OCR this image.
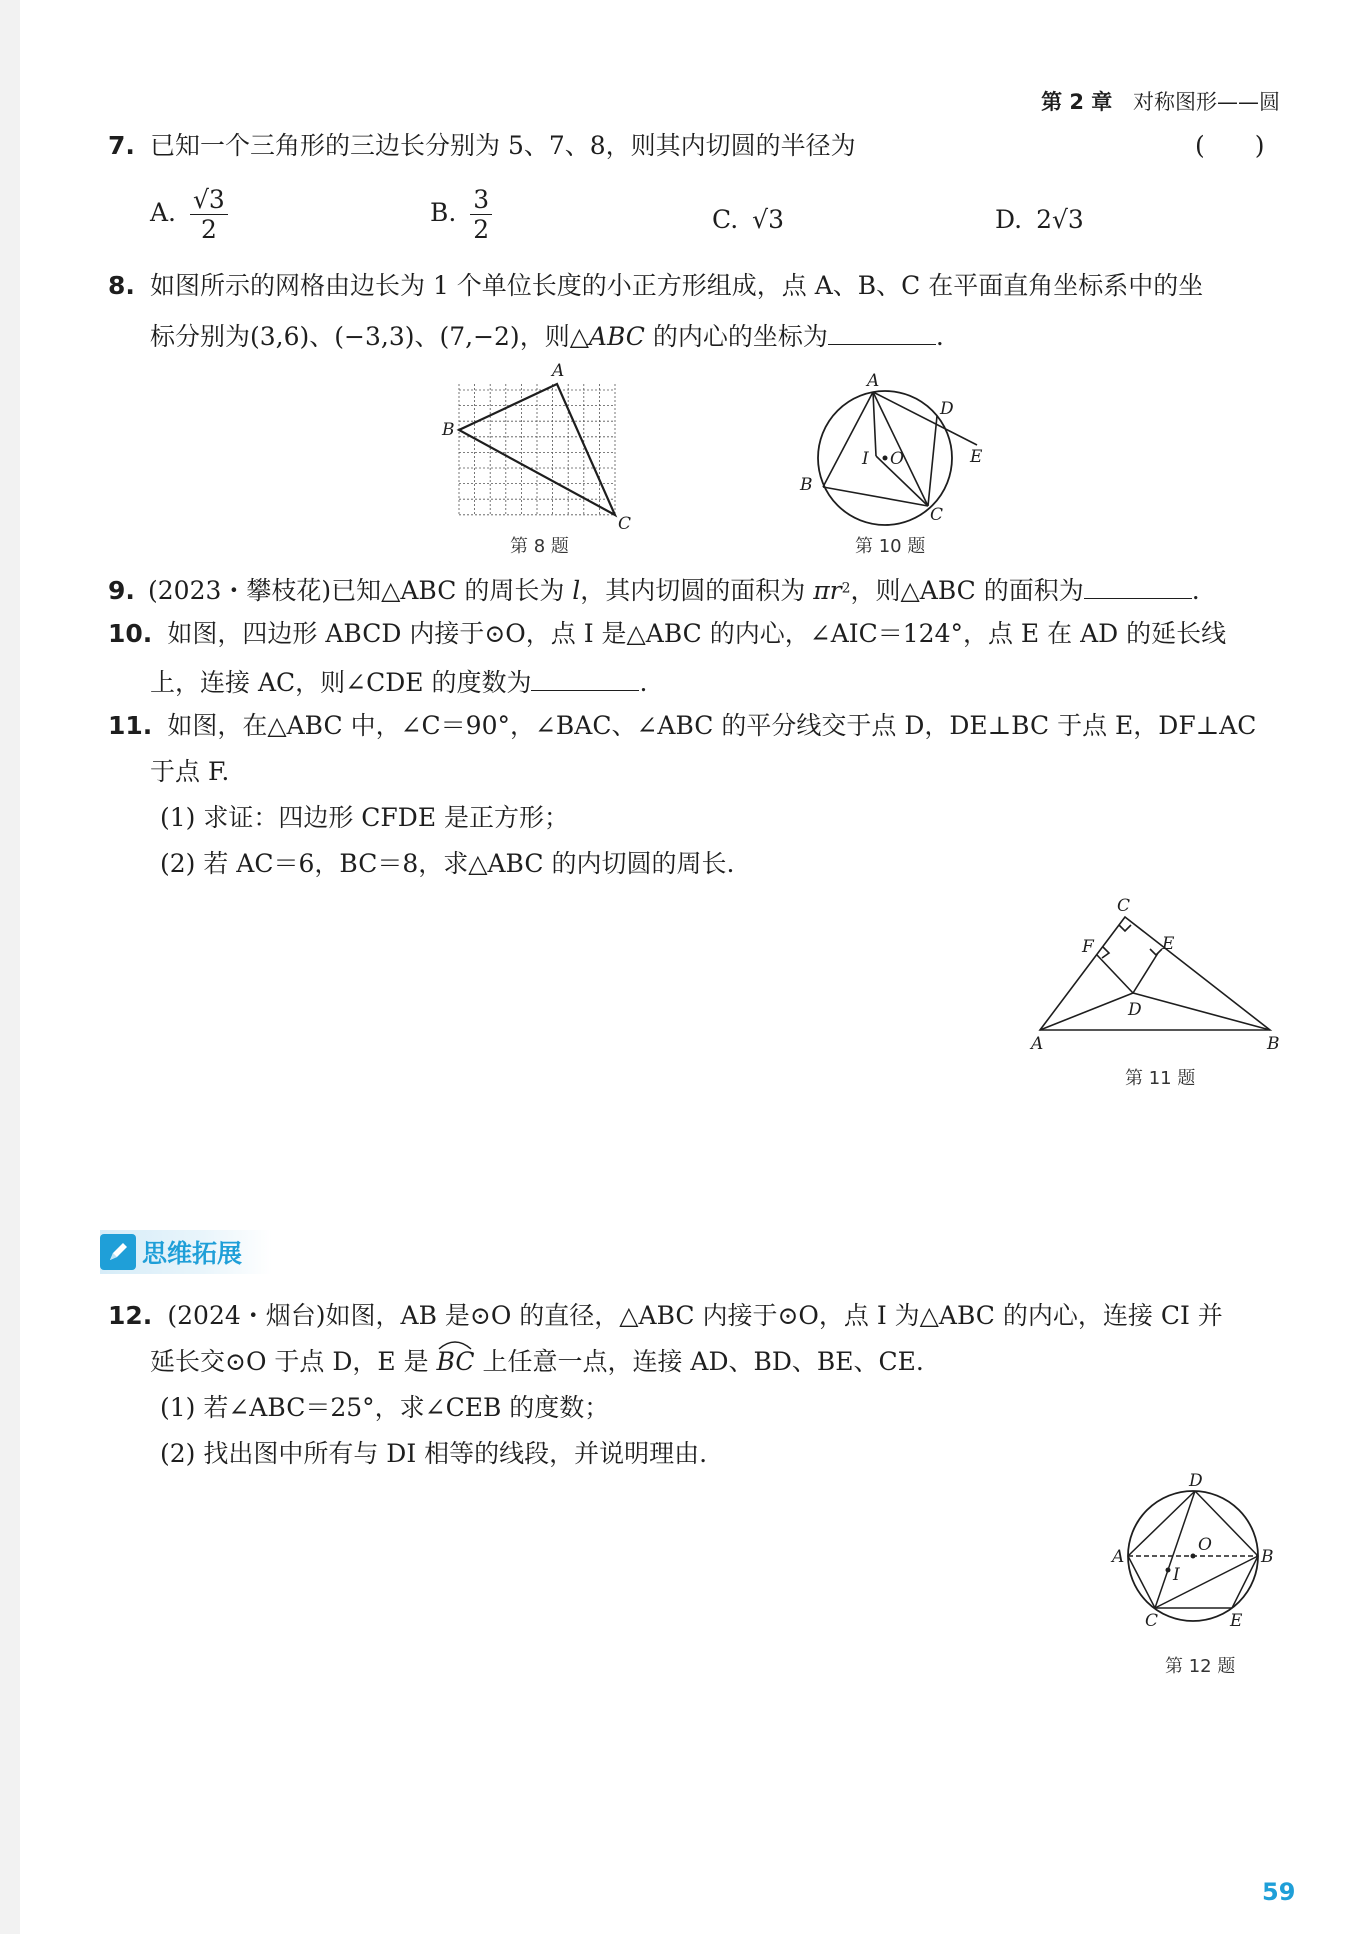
第 2 章 对称图形——圆
7. 已知一个三角形的三边长分别为 5、7、8，则其内切圆的半径为	(　　)
A. $\frac{√3}{2}$	B. $\frac{3}{2}$	C. √3	D. 2√3
8. 如图所示的网格由边长为 1 个单位长度的小正方形组成，点 A、B、C 在平面直角坐标系中的坐
标分别为(3,6)、(−3,3)、(7,−2)，则△ABC 的内心的坐标为	.
A
B
C
第 8 题
A
B
C
D
E
I O
第 10 题
9. (2023・攀枝花)已知△ABC 的周长为 l，其内切圆的面积为 $\pi r^2$，则△ABC 的面积为	.
10. 如图，四边形 ABCD 内接于⊙O，点 I 是△ABC 的内心，∠AIC＝124°，点 E 在 AD 的延长线
上，连接 AC，则∠CDE 的度数为	.
11. 如图，在△ABC 中，∠C＝90°，∠BAC、∠ABC 的平分线交于点 D，DE⊥BC 于点 E，DF⊥AC
于点 F.
(1) 求证：四边形 CFDE 是正方形；
(2) 若 AC＝6，BC＝8，求△ABC 的内切圆的周长.
C
F	E
D
A	B
第 11 题
思维拓展
12. (2024・烟台)如图，AB 是⊙O 的直径，△ABC 内接于⊙O，点 I 为△ABC 的内心，连接 CI 并
延长交⊙O 于点 D，E 是
BC 上任意一点，连接 AD、BD、BE、CE.
(1) 若∠ABC＝25°，求∠CEB 的度数；
(2) 找出图中所有与 DI 相等的线段，并说明理由.
D
O
A	B
I
C	E
第 12 题
59
